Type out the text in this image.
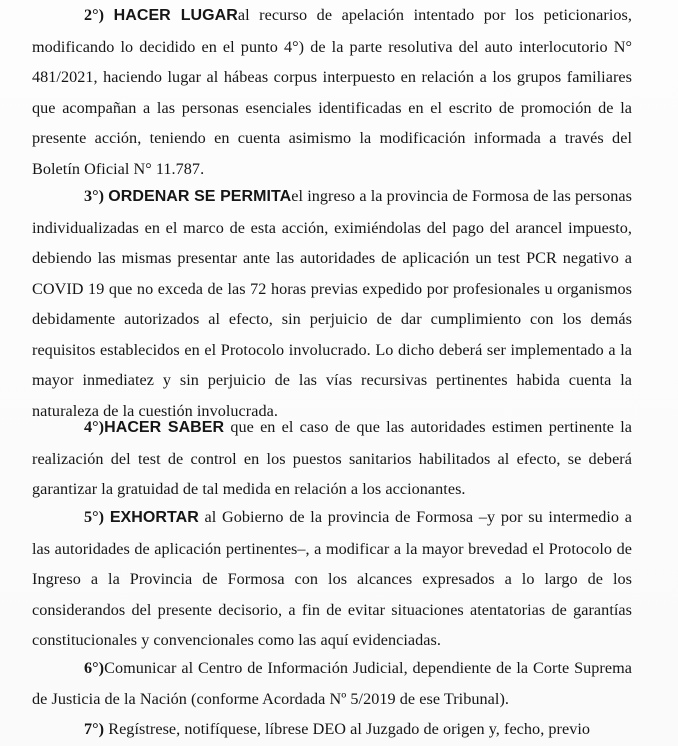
2°) HACER LUGARal recurso de apelación intentado por los peticionarios, modificando lo decidido en el punto 4°) de la parte resolutiva del auto interlocutorio N° 481/2021, haciendo lugar al hábeas corpus interpuesto en relación a los grupos familiares que acompañan a las personas esenciales identificadas en el escrito de promoción de la presente acción, teniendo en cuenta asimismo la modificación informada a través del Boletín Oficial N° 11.787.

3°) ORDENAR SE PERMITAel ingreso a la provincia de Formosa de las personas individualizadas en el marco de esta acción, eximiéndolas del pago del arancel impuesto, debiendo las mismas presentar ante las autoridades de aplicación un test PCR negativo a COVID 19 que no exceda de las 72 horas previas expedido por profesionales u organismos debidamente autorizados al efecto, sin perjuicio de dar cumplimiento con los demás requisitos establecidos en el Protocolo involucrado. Lo dicho deberá ser implementado a la mayor inmediatez y sin perjuicio de las vías recursivas pertinentes habida cuenta la naturaleza de la cuestión involucrada.

4°)HACER SABER que en el caso de que las autoridades estimen pertinente la realización del test de control en los puestos sanitarios habilitados al efecto, se deberá garantizar la gratuidad de tal medida en relación a los accionantes.

5°) EXHORTAR al Gobierno de la provincia de Formosa –y por su intermedio a las autoridades de aplicación pertinentes–, a modificar a la mayor brevedad el Protocolo de Ingreso a la Provincia de Formosa con los alcances expresados a lo largo de los considerandos del presente decisorio, a fin de evitar situaciones atentatorias de garantías constitucionales y convencionales como las aquí evidenciadas.

6°)Comunicar al Centro de Información Judicial, dependiente de la Corte Suprema de Justicia de la Nación (conforme Acordada Nº 5/2019 de ese Tribunal).

7°) Regístrese, notifíquese, líbrese DEO al Juzgado de origen y, fecho, previo
